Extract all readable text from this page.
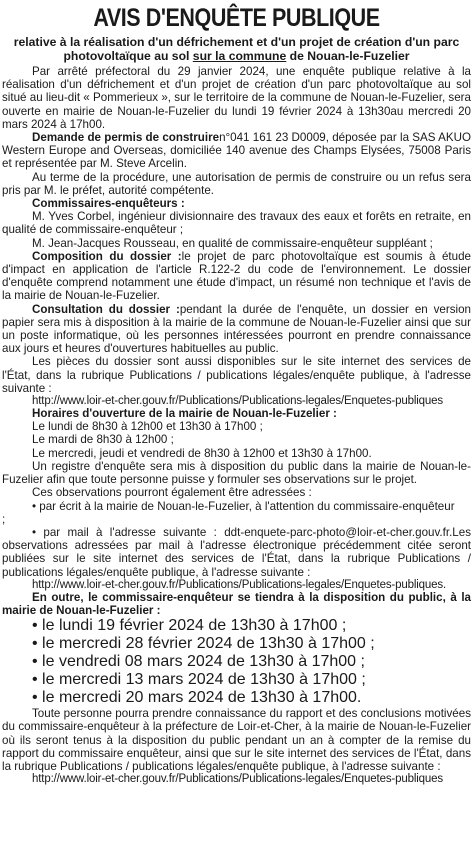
AVIS D'ENQUÊTE PUBLIQUE
relative à la réalisation d'un défrichement et d'un projet de création d'un parc photovoltaïque au sol sur la commune de Nouan-le-Fuzelier

Par arrêté préfectoral du 29 janvier 2024, une enquête publique relative à la réalisation d'un défrichement et d'un projet de création d'un parc photovoltaïque au sol situé au lieu-dit « Pommerieux », sur le territoire de la commune de Nouan-le-Fuzelier, sera ouverte en mairie de Nouan-le-Fuzelier du lundi 19 février 2024 à 13h30au mercredi 20 mars 2024 à 17h00.

Demande de permis de construiren°041 161 23 D0009, déposée par la SAS AKUO Western Europe and Overseas, domiciliée 140 avenue des Champs Elysées, 75008 Paris et représentée par M. Steve Arcelin.

Au terme de la procédure, une autorisation de permis de construire ou un refus sera pris par M. le préfet, autorité compétente.

Commissaires-enquêteurs :

M. Yves Corbel, ingénieur divisionnaire des travaux des eaux et forêts en retraite, en qualité de commissaire-enquêteur ;

M. Jean-Jacques Rousseau, en qualité de commissaire-enquêteur suppléant ;

Composition du dossier :le projet de parc photovoltaïque est soumis à étude d'impact en application de l'article R.122-2 du code de l'environnement. Le dossier d'enquête comprend notamment une étude d'impact, un résumé non technique et l'avis de la mairie de Nouan-le-Fuzelier.

Consultation du dossier :pendant la durée de l'enquête, un dossier en version papier sera mis à disposition à la mairie de la commune de Nouan-le-Fuzelier ainsi que sur un poste informatique, où les personnes intéressées pourront en prendre connaissance aux jours et heures d'ouvertures habituelles au public.

Les pièces du dossier sont aussi disponibles sur le site internet des services de l'État, dans la rubrique Publications / publications légales/enquête publique, à l'adresse suivante :

http://www.loir-et-cher.gouv.fr/Publications/Publications-legales/Enquetes-publiques

Horaires d'ouverture de la mairie de Nouan-le-Fuzelier :

Le lundi de 8h30 à 12h00 et 13h30 à 17h00 ;

Le mardi de 8h30 à 12h00 ;

Le mercredi, jeudi et vendredi de 8h30 à 12h00 et 13h30 à 17h00.

Un registre d'enquête sera mis à disposition du public dans la mairie de Nouan-le-Fuzelier afin que toute personne puisse y formuler ses observations sur le projet.

Ces observations pourront également être adressées :

• par écrit à la mairie de Nouan-le-Fuzelier, à l'attention du commissaire-enquêteur

;

• par mail à l'adresse suivante : ddt-enquete-parc-photo@loir-et-cher.gouv.fr.Les observations adressées par mail à l'adresse électronique précédemment citée seront publiées sur le site internet des services de l'État, dans la rubrique Publications / publications légales/enquête publique, à l'adresse suivante :

http://www.loir-et-cher.gouv.fr/Publications/Publications-legales/Enquetes-publiques.

En outre, le commissaire-enquêteur se tiendra à la disposition du public, à la mairie de Nouan-le-Fuzelier :

• le lundi 19 février 2024 de 13h30 à 17h00 ;
• le mercredi 28 février 2024 de 13h30 à 17h00 ;
• le vendredi 08 mars 2024 de 13h30 à 17h00 ;
• le mercredi 13 mars 2024 de 13h30 à 17h00 ;
• le mercredi 20 mars 2024 de 13h30 à 17h00.

Toute personne pourra prendre connaissance du rapport et des conclusions motivées du commissaire-enquêteur à la préfecture de Loir-et-Cher, à la mairie de Nouan-le-Fuzelier où ils seront tenus à la disposition du public pendant un an à compter de la remise du rapport du commissaire enquêteur, ainsi que sur le site internet des services de l'État, dans la rubrique Publications / publications légales/enquête publique, à l'adresse suivante :

http://www.loir-et-cher.gouv.fr/Publications/Publications-legales/Enquetes-publiques
